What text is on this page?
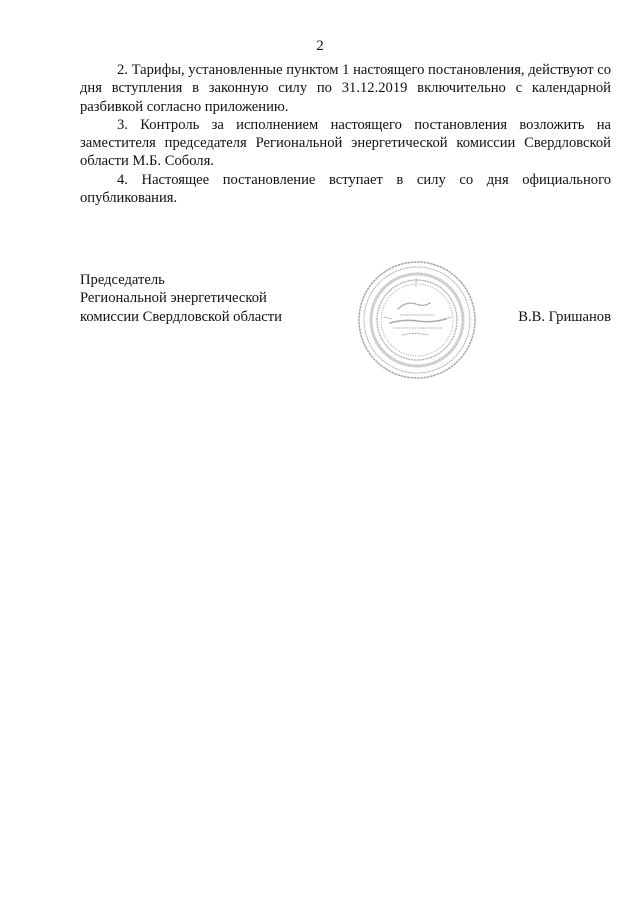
2

2. Тарифы, установленные пунктом 1 настоящего постановления, действуют со дня вступления в законную силу по 31.12.2019 включительно с календарной разбивкой согласно приложению.

3. Контроль за исполнением настоящего постановления возложить на заместителя председателя Региональной энергетической комиссии Свердловской области М.Б. Соболя.

4. Настоящее постановление вступает в силу со дня официального опубликования.

Председатель
Региональной энергетической
комиссии Свердловской области	В.В. Гришанов
